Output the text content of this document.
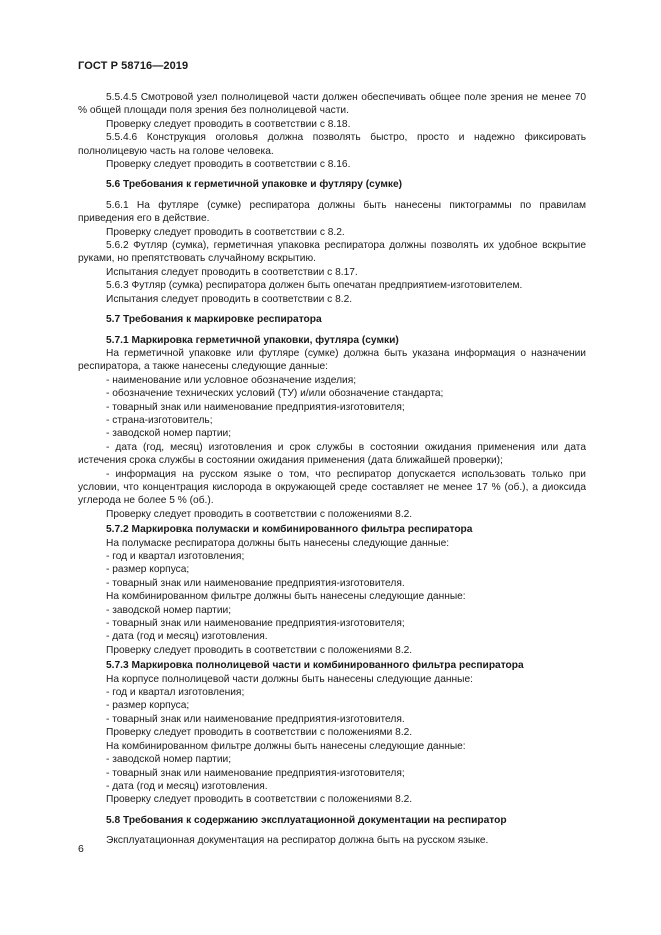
ГОСТ Р 58716—2019

5.5.4.5 Смотровой узел полнолицевой части должен обеспечивать общее поле зрения не менее 70 % общей площади поля зрения без полнолицевой части.

Проверку следует проводить в соответствии с 8.18.

5.5.4.6 Конструкция оголовья должна позволять быстро, просто и надежно фиксировать полнолицевую часть на голове человека.

Проверку следует проводить в соответствии с 8.16.

5.6 Требования к герметичной упаковке и футляру (сумке)

5.6.1 На футляре (сумке) респиратора должны быть нанесены пиктограммы по правилам приведения его в действие.

Проверку следует проводить в соответствии с 8.2.

5.6.2 Футляр (сумка), герметичная упаковка респиратора должны позволять их удобное вскрытие руками, но препятствовать случайному вскрытию.

Испытания следует проводить в соответствии с 8.17.

5.6.3 Футляр (сумка) респиратора должен быть опечатан предприятием-изготовителем.

Испытания следует проводить в соответствии с 8.2.

5.7 Требования к маркировке респиратора

5.7.1 Маркировка герметичной упаковки, футляра (сумки)

На герметичной упаковке или футляре (сумке) должна быть указана информация о назначении респиратора, а также нанесены следующие данные:

- наименование или условное обозначение изделия;

- обозначение технических условий (ТУ) и/или обозначение стандарта;

- товарный знак или наименование предприятия-изготовителя;

- страна-изготовитель;

- заводской номер партии;

- дата (год, месяц) изготовления и срок службы в состоянии ожидания применения или дата истечения срока службы в состоянии ожидания применения (дата ближайшей проверки);

- информация на русском языке о том, что респиратор допускается использовать только при условии, что концентрация кислорода в окружающей среде составляет не менее 17 % (об.), а диоксида углерода не более 5 % (об.).

Проверку следует проводить в соответствии с положениями 8.2.

5.7.2 Маркировка полумаски и комбинированного фильтра респиратора

На полумаске респиратора должны быть нанесены следующие данные:

- год и квартал изготовления;

- размер корпуса;

- товарный знак или наименование предприятия-изготовителя.

На комбинированном фильтре должны быть нанесены следующие данные:

- заводской номер партии;

- товарный знак или наименование предприятия-изготовителя;

- дата (год и месяц) изготовления.

Проверку следует проводить в соответствии с положениями 8.2.

5.7.3 Маркировка полнолицевой части и комбинированного фильтра респиратора

На корпусе полнолицевой части должны быть нанесены следующие данные:

- год и квартал изготовления;

- размер корпуса;

- товарный знак или наименование предприятия-изготовителя.

Проверку следует проводить в соответствии с положениями 8.2.

На комбинированном фильтре должны быть нанесены следующие данные:

- заводской номер партии;

- товарный знак или наименование предприятия-изготовителя;

- дата (год и месяц) изготовления.

Проверку следует проводить в соответствии с положениями 8.2.

5.8 Требования к содержанию эксплуатационной документации на респиратор

Эксплуатационная документация на респиратор должна быть на русском языке.

6
